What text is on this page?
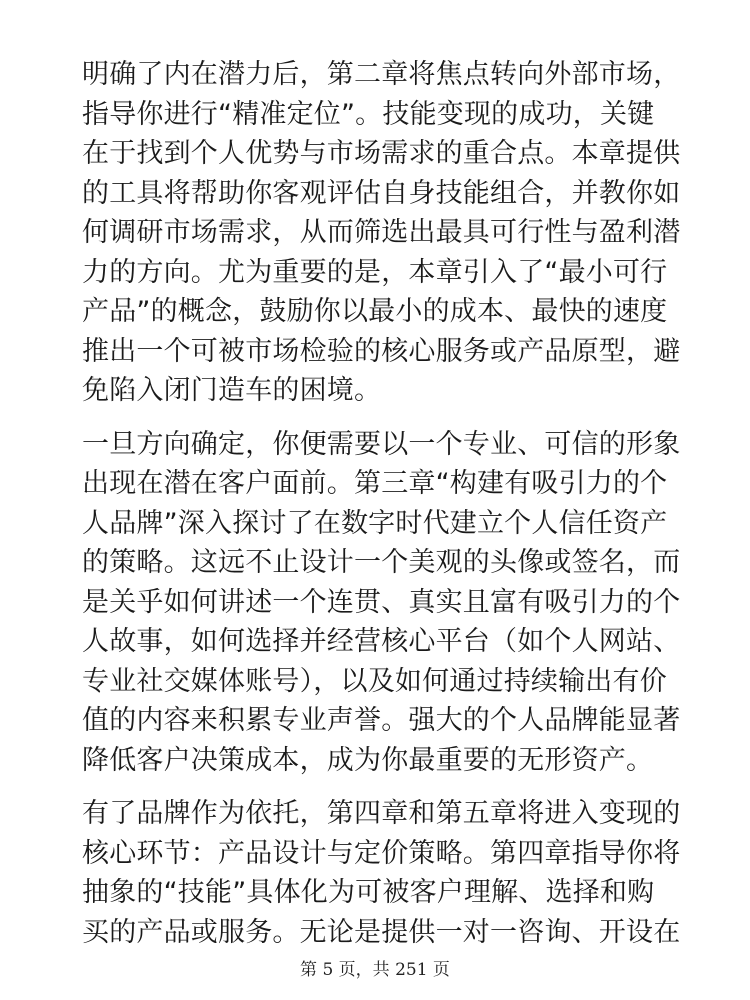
明确了内在潜力后，第二章将焦点转向外部市场，
指导你进行“精准定位”。技能变现的成功，关键
在于找到个人优势与市场需求的重合点。本章提供
的工具将帮助你客观评估自身技能组合，并教你如
何调研市场需求，从而筛选出最具可行性与盈利潜
力的方向。尤为重要的是，本章引入了“最小可行
产品”的概念，鼓励你以最小的成本、最快的速度
推出一个可被市场检验的核心服务或产品原型，避
免陷入闭门造车的困境。

一旦方向确定，你便需要以一个专业、可信的形象
出现在潜在客户面前。第三章“构建有吸引力的个
人品牌”深入探讨了在数字时代建立个人信任资产
的策略。这远不止设计一个美观的头像或签名，而
是关乎如何讲述一个连贯、真实且富有吸引力的个
人故事，如何选择并经营核心平台（如个人网站、
专业社交媒体账号），以及如何通过持续输出有价
值的内容来积累专业声誉。强大的个人品牌能显著
降低客户决策成本，成为你最重要的无形资产。

有了品牌作为依托，第四章和第五章将进入变现的
核心环节：产品设计与定价策略。第四章指导你将
抽象的“技能”具体化为可被客户理解、选择和购
买的产品或服务。无论是提供一对一咨询、开设在

第 5 页，共 251 页
